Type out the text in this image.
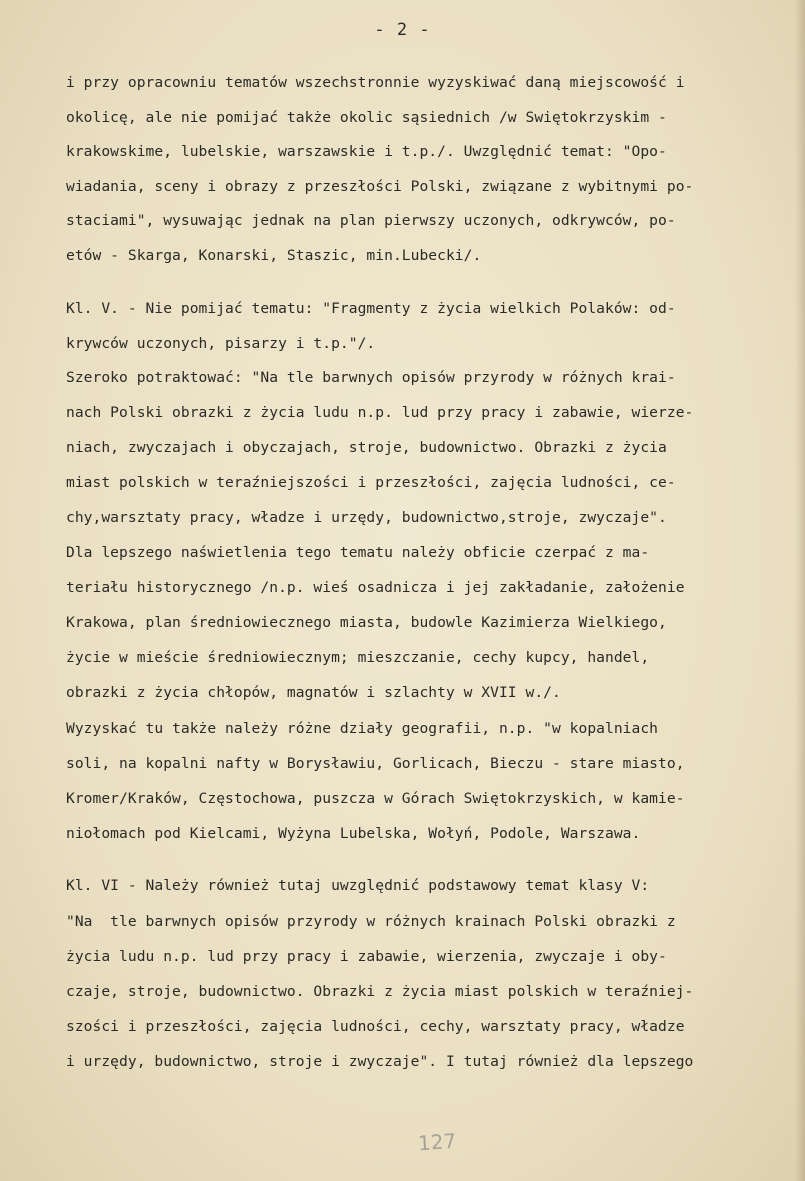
- 2 -
i przy opracowniu tematów wszechstronnie wyzyskiwać daną miejscowość i
okolicę, ale nie pomijać także okolic sąsiednich /w Swiętokrzyskim -
krakowskime, lubelskie, warszawskie i t.p./. Uwzględnić temat: "Opo-
wiadania, sceny i obrazy z przeszłości Polski, związane z wybitnymi po-
staciami", wysuwając jednak na plan pierwszy uczonych, odkrywców, po-
etów - Skarga, Konarski, Staszic, min.Lubecki/.
Kl. V. - Nie pomijać tematu: "Fragmenty z życia wielkich Polaków: od-
krywców uczonych, pisarzy i t.p."/.
Szeroko potraktować: "Na tle barwnych opisów przyrody w różnych krai-
nach Polski obrazki z życia ludu n.p. lud przy pracy i zabawie, wierze-
niach, zwyczajach i obyczajach, stroje, budownictwo. Obrazki z życia
miast polskich w teraźniejszości i przeszłości, zajęcia ludności, ce-
chy,warsztaty pracy, władze i urzędy, budownictwo,stroje, zwyczaje".
Dla lepszego naświetlenia tego tematu należy obficie czerpać z ma-
teriału historycznego /n.p. wieś osadnicza i jej zakładanie, założenie
Krakowa, plan średniowiecznego miasta, budowle Kazimierza Wielkiego,
życie w mieście średniowiecznym; mieszczanie, cechy kupcy, handel,
obrazki z życia chłopów, magnatów i szlachty w XVII w./.
Wyzyskać tu także należy różne działy geografii, n.p. "w kopalniach
soli, na kopalni nafty w Borysławiu, Gorlicach, Bieczu - stare miasto,
Kromer/Kraków, Częstochowa, puszcza w Górach Swiętokrzyskich, w kamie-
niołomach pod Kielcami, Wyżyna Lubelska, Wołyń, Podole, Warszawa.
Kl. VI - Należy również tutaj uwzględnić podstawowy temat klasy V:
"Na  tle barwnych opisów przyrody w różnych krainach Polski obrazki z
życia ludu n.p. lud przy pracy i zabawie, wierzenia, zwyczaje i oby-
czaje, stroje, budownictwo. Obrazki z życia miast polskich w teraźniej-
szości i przeszłości, zajęcia ludności, cechy, warsztaty pracy, władze
i urzędy, budownictwo, stroje i zwyczaje". I tutaj również dla lepszego
127
